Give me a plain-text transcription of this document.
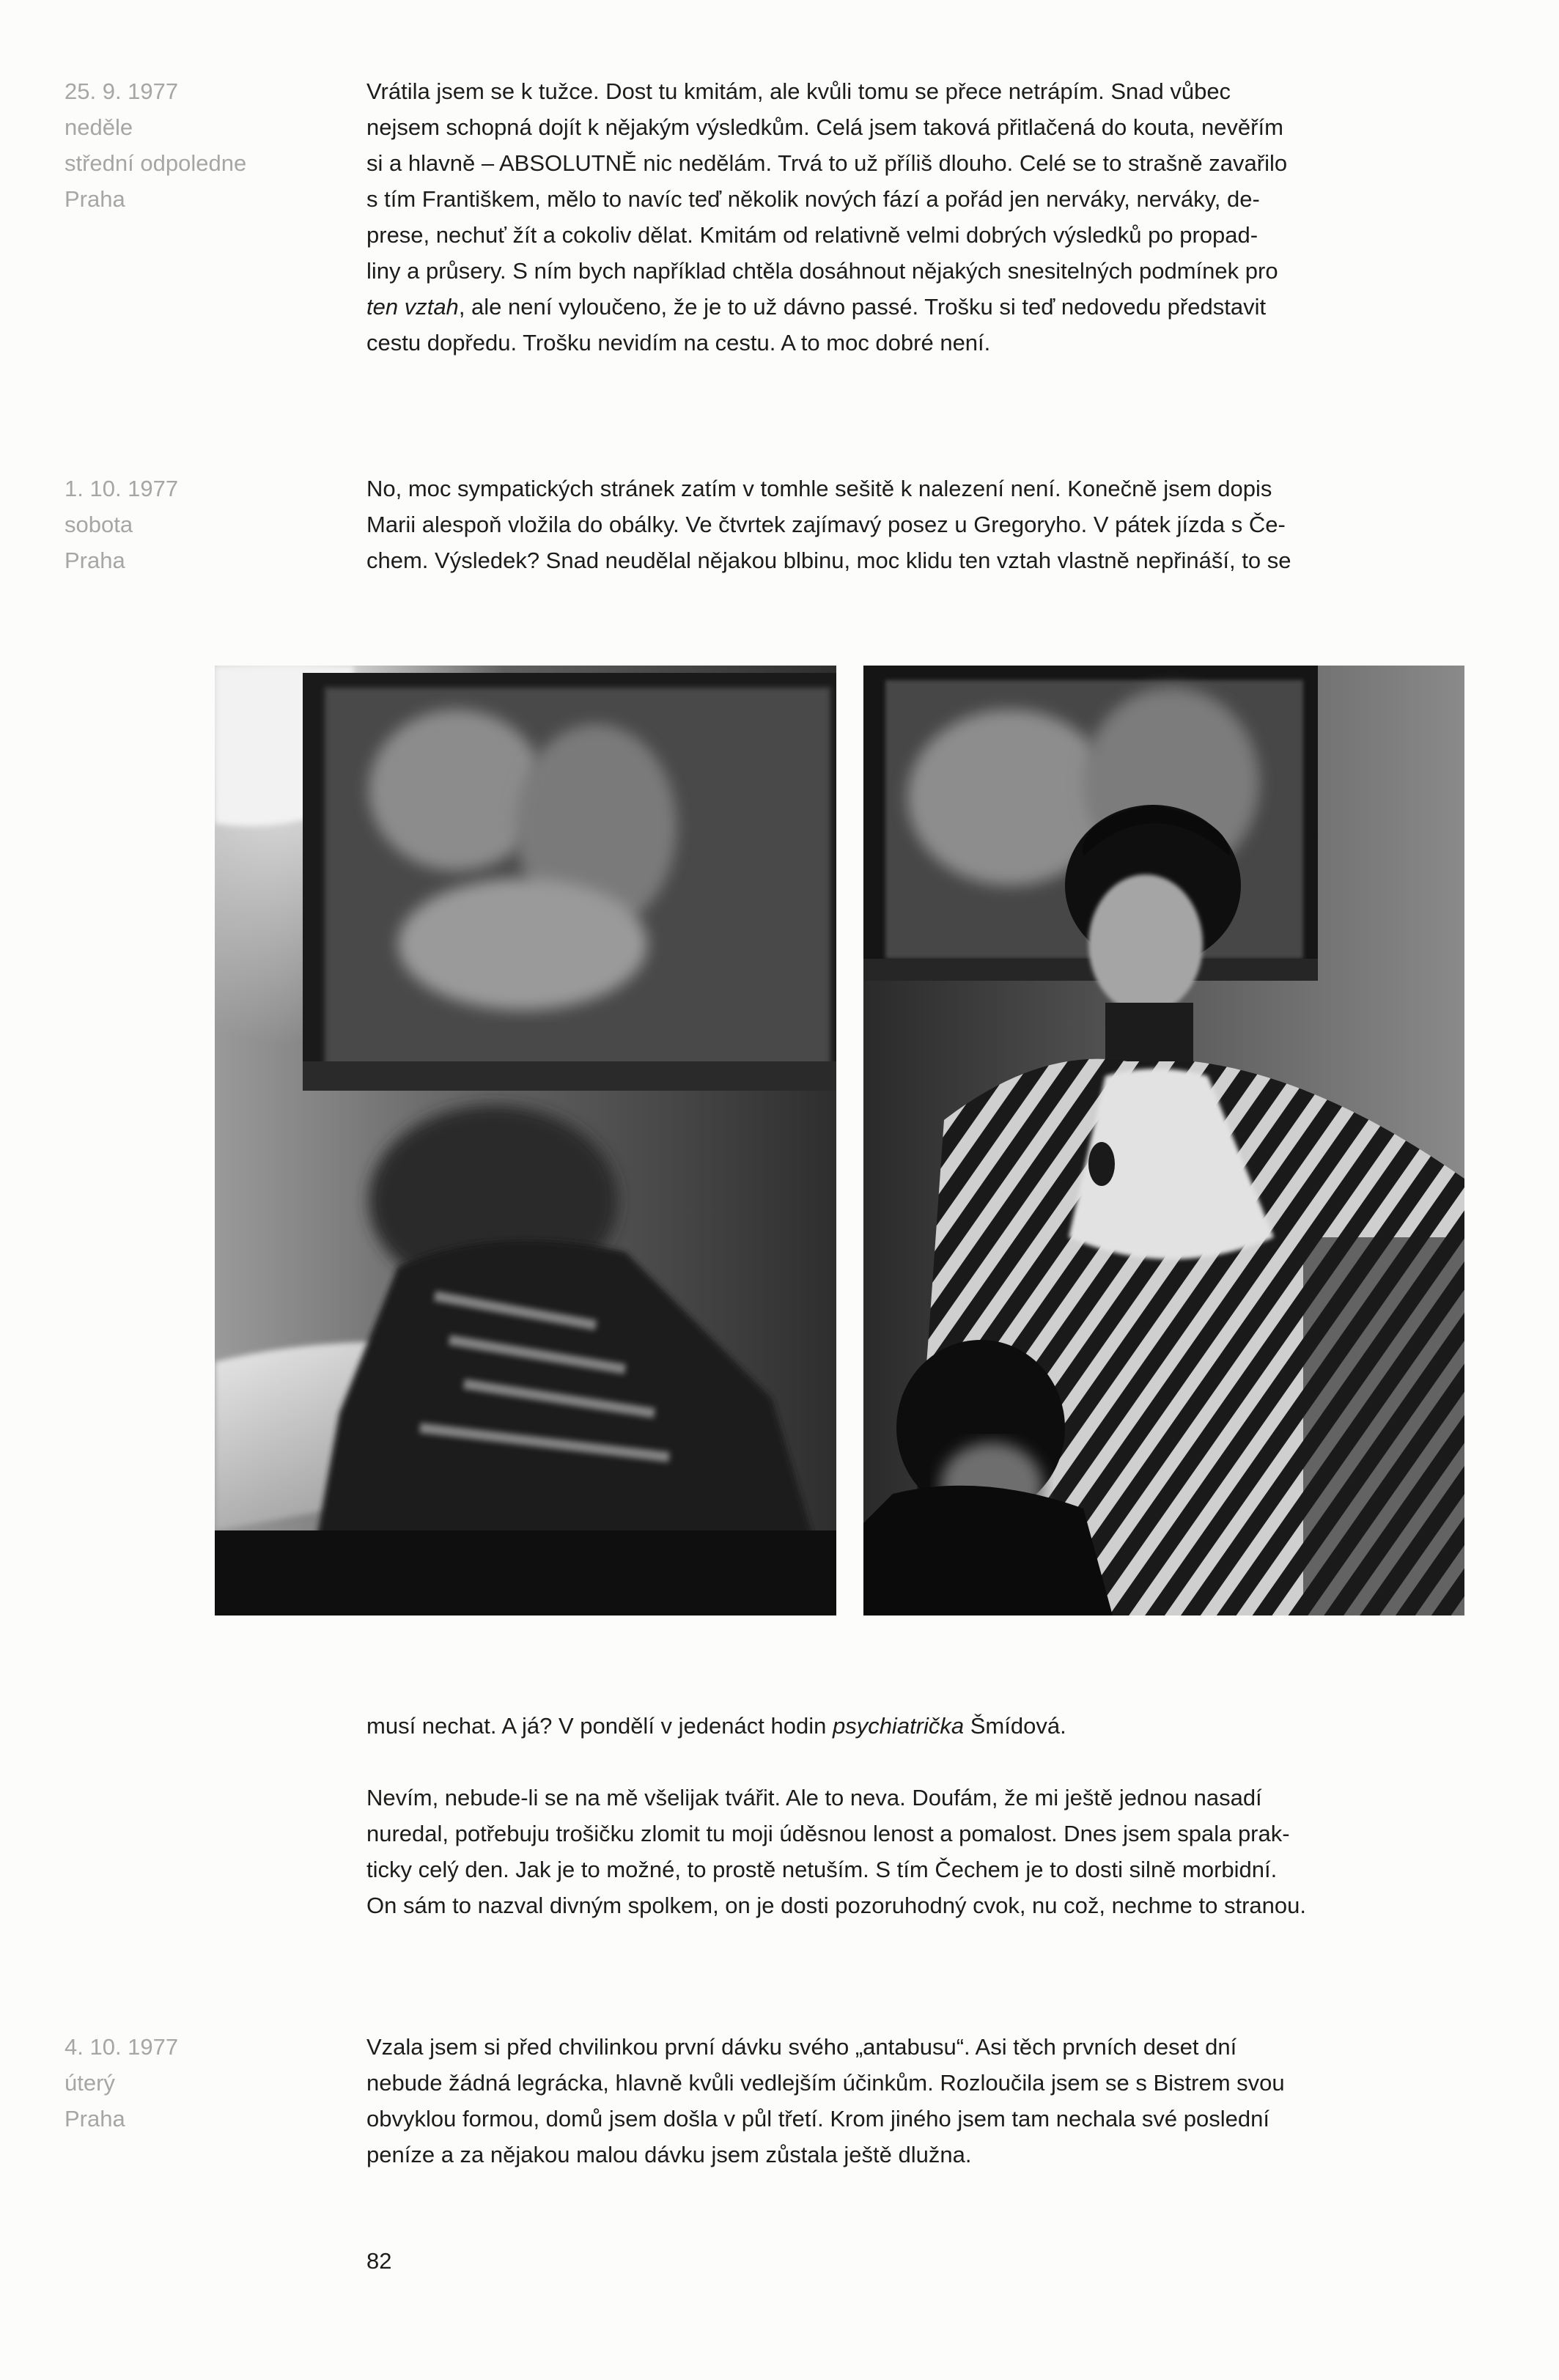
25. 9. 1977
neděle
střední odpoledne
Praha

Vrátila jsem se k tužce. Dost tu kmitám, ale kvůli tomu se přece netrápím. Snad vůbec
nejsem schopná dojít k nějakým výsledkům. Celá jsem taková přitlačená do kouta, nevěřím
si a hlavně – ABSOLUTNĚ nic nedělám. Trvá to už příliš dlouho. Celé se to strašně zavařilo
s tím Františkem, mělo to navíc teď několik nových fází a pořád jen nerváky, nerváky, de-
prese, nechuť žít a cokoliv dělat. Kmitám od relativně velmi dobrých výsledků po propad-
liny a průsery. S ním bych například chtěla dosáhnout nějakých snesitelných podmínek pro
ten vztah, ale není vyloučeno, že je to už dávno passé. Trošku si teď nedovedu představit
cestu dopředu. Trošku nevidím na cestu. A to moc dobré není.

1. 10. 1977
sobota
Praha

No, moc sympatických stránek zatím v tomhle sešitě k nalezení není. Konečně jsem dopis
Marii alespoň vložila do obálky. Ve čtvrtek zajímavý posez u Gregoryho. V pátek jízda s Če-
chem. Výsledek? Snad neudělal nějakou blbinu, moc klidu ten vztah vlastně nepřináší, to se

musí nechat. A já? V pondělí v jedenáct hodin psychiatrička Šmídová.

Nevím, nebude-li se na mě všelijak tvářit. Ale to neva. Doufám, že mi ještě jednou nasadí
nuredal, potřebuju trošičku zlomit tu moji úděsnou lenost a pomalost. Dnes jsem spala prak-
ticky celý den. Jak je to možné, to prostě netuším. S tím Čechem je to dosti silně morbidní.
On sám to nazval divným spolkem, on je dosti pozoruhodný cvok, nu což, nechme to stranou.

4. 10. 1977
úterý
Praha

Vzala jsem si před chvilinkou první dávku svého „antabusu“. Asi těch prvních deset dní
nebude žádná legrácka, hlavně kvůli vedlejším účinkům. Rozloučila jsem se s Bistrem svou
obvyklou formou, domů jsem došla v půl třetí. Krom jiného jsem tam nechala své poslední
peníze a za nějakou malou dávku jsem zůstala ještě dlužna.

82
